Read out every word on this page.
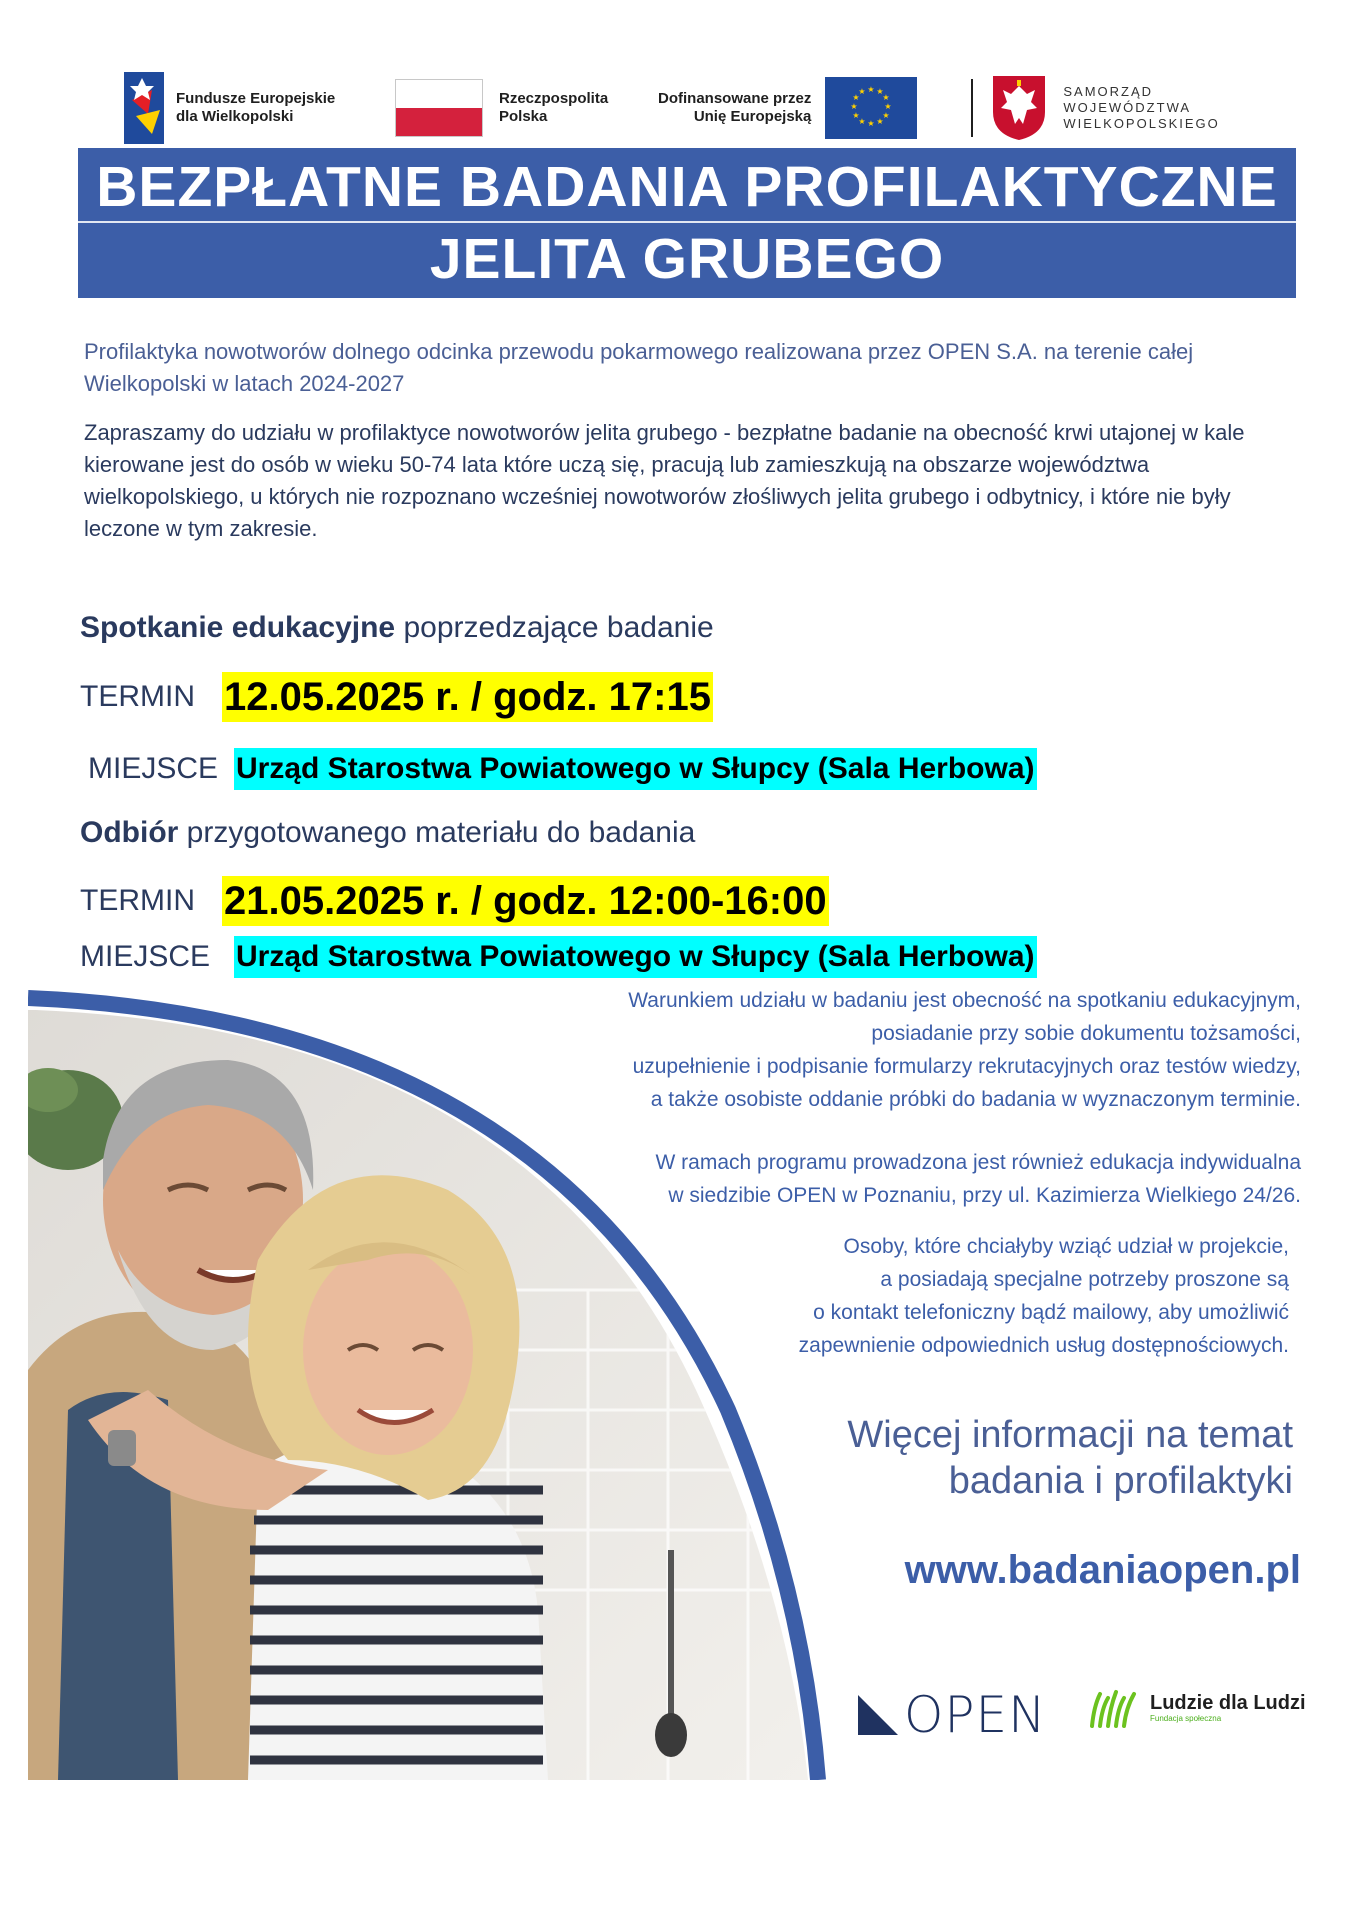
Fundusze Europejskie
dla Wielkopolski
Rzeczpospolita
Polska
Dofinansowane przez
Unię Europejską
★ ★
★
★
★
★
★
★
★
★
★
★	SAMORZĄD
WOJEWÓDZTWA
WIELKOPOLSKIEGO
BEZPŁATNE BADANIA PROFILAKTYCZNE
JELITA GRUBEGO

Profilaktyka nowotworów dolnego odcinka przewodu pokarmowego realizowana przez OPEN S.A. na terenie całej Wielkopolski w latach 2024-2027

Zapraszamy do udziału w profilaktyce nowotworów jelita grubego - bezpłatne badanie na obecność krwi utajonej w kale kierowane jest do osób w wieku 50-74 lata które uczą się, pracują lub zamieszkują na obszarze województwa wielkopolskiego, u których nie rozpoznano wcześniej nowotworów złośliwych jelita grubego i odbytnicy, i które nie były leczone w tym zakresie.

Spotkanie edukacyjne poprzedzające badanie
TERMIN 12.05.2025 r. / godz. 17:15
MIEJSCE Urząd Starostwa Powiatowego w Słupcy (Sala Herbowa)
Odbiór przygotowanego materiału do badania
TERMIN 21.05.2025 r. / godz. 12:00-16:00
MIEJSCE Urząd Starostwa Powiatowego w Słupcy (Sala Herbowa)
Warunkiem udziału w badaniu jest obecność na spotkaniu edukacyjnym,
posiadanie przy sobie dokumentu tożsamości,
uzupełnienie i podpisanie formularzy rekrutacyjnych oraz testów wiedzy,
a także osobiste oddanie próbki do badania w wyznaczonym terminie.
W ramach programu prowadzona jest również edukacja indywidualna
w siedzibie OPEN w Poznaniu, przy ul. Kazimierza Wielkiego 24/26.
Osoby, które chciałyby wziąć udział w projekcie,
a posiadają specjalne potrzeby proszone są
o kontakt telefoniczny bądź mailowy, aby umożliwić
zapewnienie odpowiednich usług dostępnościowych.
Więcej informacji na temat
badania i profilaktyki
www.badaniaopen.pl
OPEN	Ludzie dla Ludzi
Fundacja społeczna
